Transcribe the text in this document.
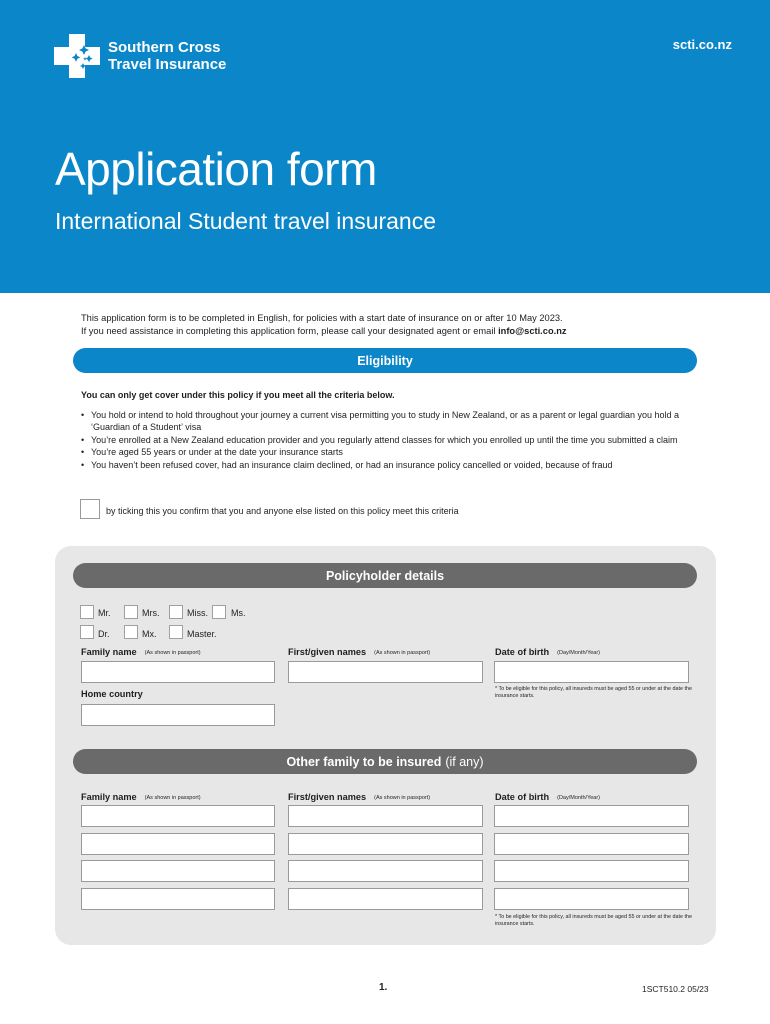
Southern Cross
Travel Insurance
scti.co.nz
Application form
International Student travel insurance
This application form is to be completed in English, for policies with a start date of insurance on or after 10 May 2023.
If you need assistance in completing this application form, please call your designated agent or email info@scti.co.nz
Eligibility
You can only get cover under this policy if you meet all the criteria below.
• You hold or intend to hold throughout your journey a current visa permitting you to study in New Zealand, or as a parent or legal guardian you hold a ‘Guardian of a Student’ visa
• You’re enrolled at a New Zealand education provider and you regularly attend classes for which you enrolled up until the time you submitted a claim
• You’re aged 55 years or under at the date your insurance starts
• You haven’t been refused cover, had an insurance claim declined, or had an insurance policy cancelled or voided, because of fraud
by ticking this you confirm that you and anyone else listed on this policy meet this criteria
Policyholder details
Mr.	Mrs.	Miss.	Ms.
Dr.	Mx.	Master.
Family name (As shown in passport)	First/given names (As shown in passport)	Date of birth (Day/Month/Year)
* To be eligible for this policy, all insureds must be aged 55 or under at the date the insurance starts.
Home country
Other family to be insured (if any)
Family name (As shown in passport)	First/given names (As shown in passport)	Date of birth (Day/Month/Year)
* To be eligible for this policy, all insureds must be aged 55 or under at the date the insurance starts.
1.	1SCT510.2 05/23
